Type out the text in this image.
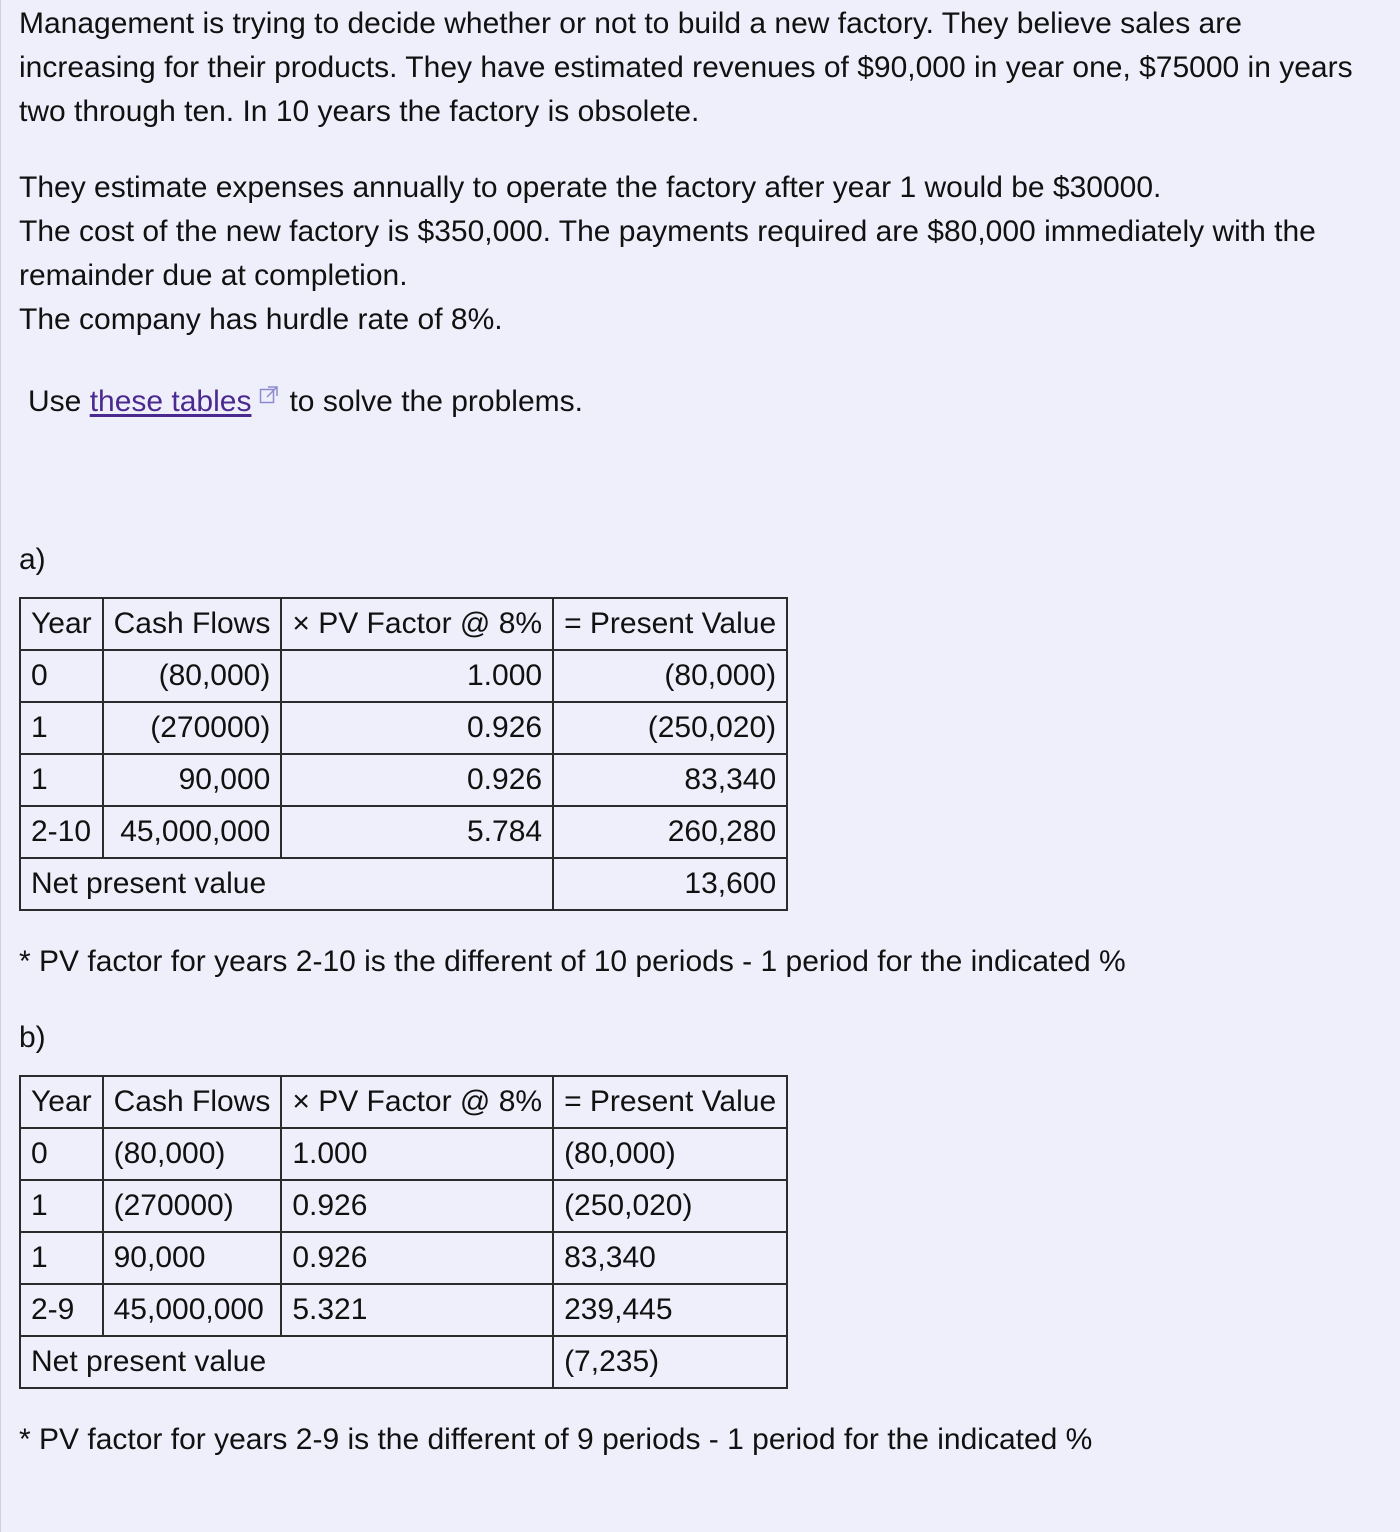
Management is trying to decide whether or not to build a new factory. They believe sales are increasing for their products. They have estimated revenues of $90,000 in year one, $75000 in years two through ten. In 10 years the factory is obsolete.

They estimate expenses annually to operate the factory after year 1 would be $30000.
The cost of the new factory is $350,000. The payments required are $80,000 immediately with the remainder due at completion.
The company has hurdle rate of 8%.
Use these tables to solve the problems.
a)
Year	Cash Flows	× PV Factor @ 8%	= Present Value
0	(80,000)	1.000	(80,000)
1	(270000)	0.926	(250,020)
1	90,000	0.926	83,340
2-10	45,000,000	5.784	260,280
Net present value			13,600
* PV factor for years 2-10 is the different of 10 periods - 1 period for the indicated %
b)
Year	Cash Flows	× PV Factor @ 8%	= Present Value
0	(80,000)	1.000	(80,000)
1	(270000)	0.926	(250,020)
1	90,000	0.926	83,340
2-9	45,000,000	5.321	239,445
Net present value			(7,235)
* PV factor for years 2-9 is the different of 9 periods - 1 period for the indicated %
